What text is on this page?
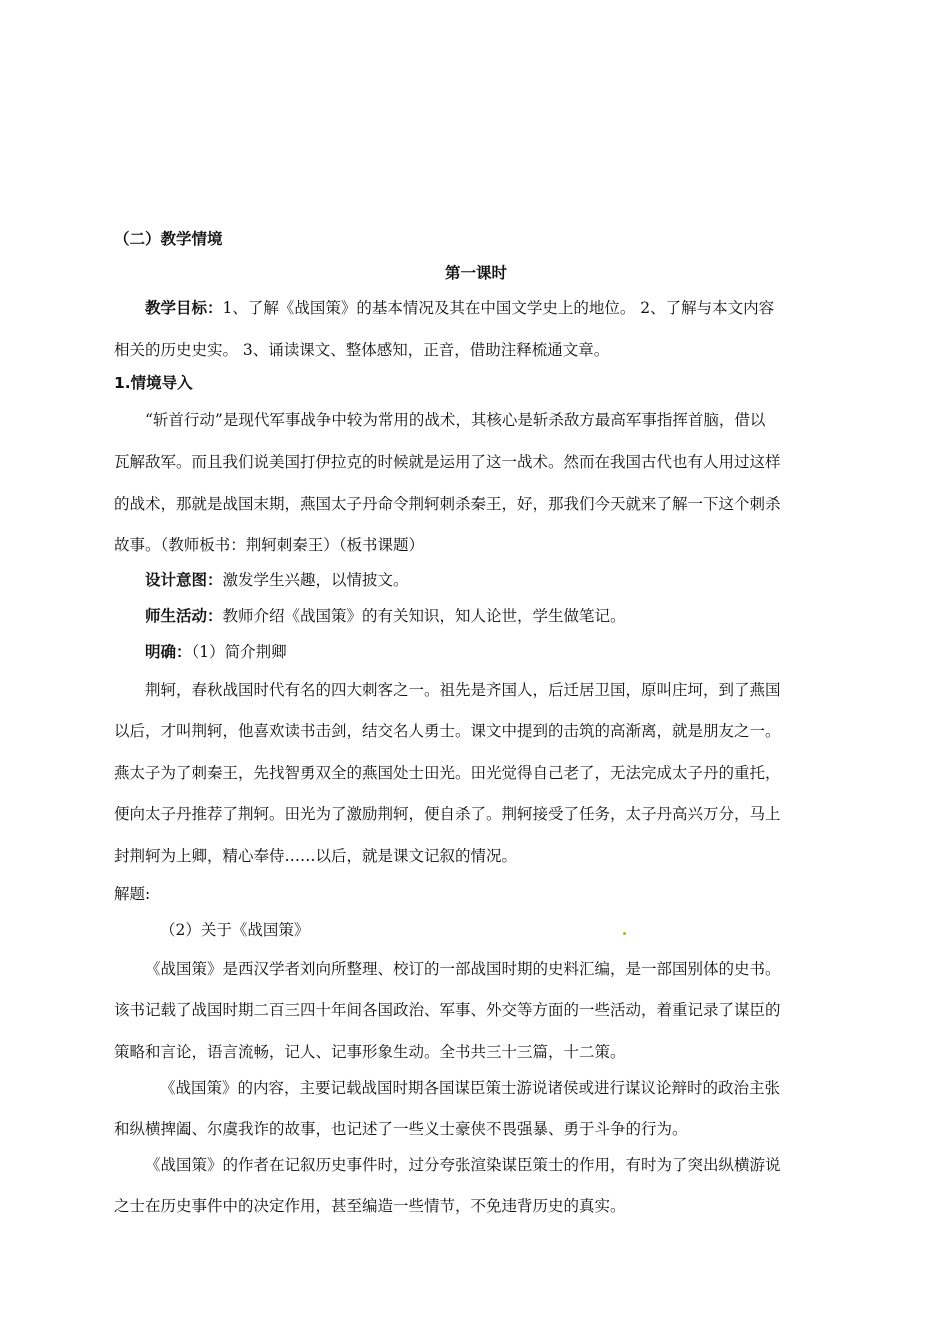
（二）教学情境
第一课时
教学目标：1、了解《战国策》的基本情况及其在中国文学史上的地位。 2、了解与本文内容
相关的历史史实。 3、诵读课文、整体感知，正音，借助注释梳通文章。
1.情境导入
“斩首行动”是现代军事战争中较为常用的战术，其核心是斩杀敌方最高军事指挥首脑，借以
瓦解敌军。而且我们说美国打伊拉克的时候就是运用了这一战术。然而在我国古代也有人用过这样
的战术，那就是战国末期，燕国太子丹命令荆轲刺杀秦王，好，那我们今天就来了解一下这个刺杀
故事。（教师板书：荆轲刺秦王）（板书课题）
设计意图：激发学生兴趣，以情披文。
师生活动：教师介绍《战国策》的有关知识，知人论世，学生做笔记。
明确：（1）简介荆卿
荆轲，春秋战国时代有名的四大刺客之一。祖先是齐国人，后迁居卫国，原叫庄坷，到了燕国
以后，才叫荆轲，他喜欢读书击剑，结交名人勇士。课文中提到的击筑的高渐离，就是朋友之一。
燕太子为了刺秦王，先找智勇双全的燕国处士田光。田光觉得自己老了，无法完成太子丹的重托，
便向太子丹推荐了荆轲。田光为了激励荆轲，便自杀了。荆轲接受了任务，太子丹高兴万分，马上
封荆轲为上卿，精心奉侍……以后，就是课文记叙的情况。
解题:
（2）关于《战国策》
《战国策》是西汉学者刘向所整理、校订的一部战国时期的史料汇编，是一部国别体的史书。
该书记载了战国时期二百三四十年间各国政治、军事、外交等方面的一些活动，着重记录了谋臣的
策略和言论，语言流畅，记人、记事形象生动。全书共三十三篇，十二策。
《战国策》的内容，主要记载战国时期各国谋臣策士游说诸侯或进行谋议论辩时的政治主张
和纵横捭阖、尔虞我诈的故事，也记述了一些义士豪侠不畏强暴、勇于斗争的行为。
《战国策》的作者在记叙历史事件时，过分夸张渲染谋臣策士的作用，有时为了突出纵横游说
之士在历史事件中的决定作用，甚至编造一些情节，不免违背历史的真实。
